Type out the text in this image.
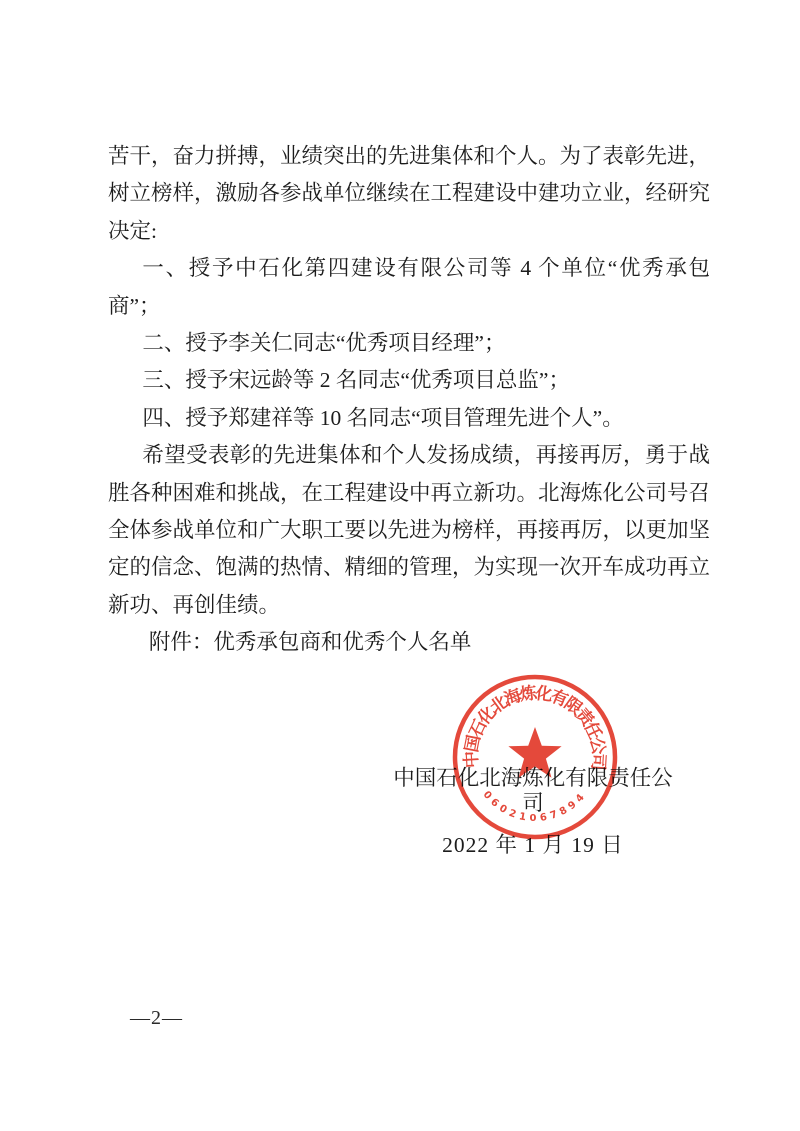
苦干，奋力拼搏，业绩突出的先进集体和个人。为了表彰先进，树立榜样，激励各参战单位继续在工程建设中建功立业，经研究决定:

一、授予中石化第四建设有限公司等 4 个单位“优秀承包商”；

二、授予李关仁同志“优秀项目经理”；

三、授予宋远龄等 2 名同志“优秀项目总监”；

四、授予郑建祥等 10 名同志“项目管理先进个人”。

希望受表彰的先进集体和个人发扬成绩，再接再厉，勇于战胜各种困难和挑战，在工程建设中再立新功。北海炼化公司号召全体参战单位和广大职工要以先进为榜样，再接再厉，以更加坚定的信念、饱满的热情、精细的管理，为实现一次开车成功再立新功、再创佳绩。

附件：优秀承包商和优秀个人名单

中国石化北海炼化有限责任公司
2022 年 1 月 19 日
中国石化北海炼化有限责任公司
06021067894
—2—
